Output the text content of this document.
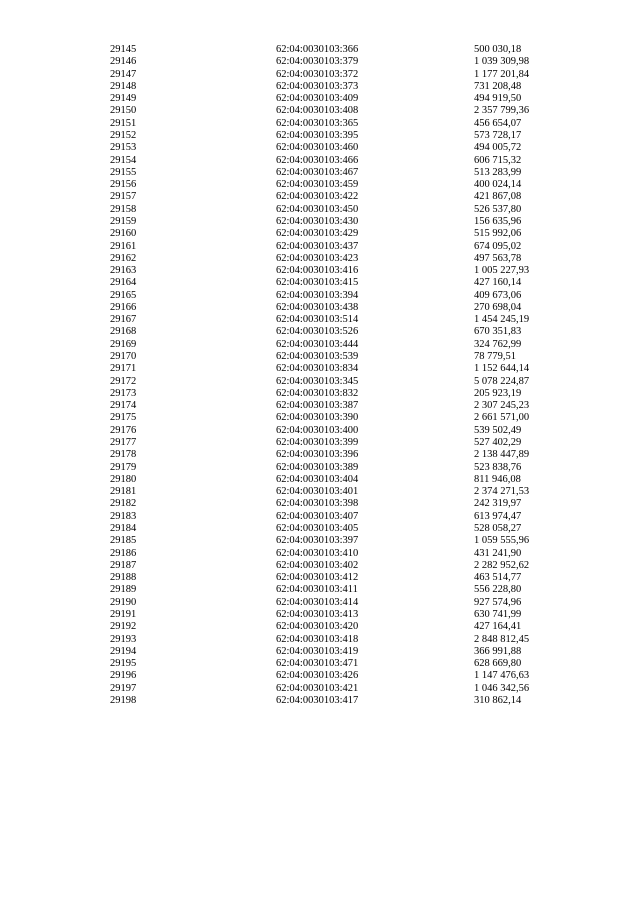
29145	62:04:0030103:366	500 030,18
29146	62:04:0030103:379	1 039 309,98
29147	62:04:0030103:372	1 177 201,84
29148	62:04:0030103:373	731 208,48
29149	62:04:0030103:409	494 919,50
29150	62:04:0030103:408	2 357 799,36
29151	62:04:0030103:365	456 654,07
29152	62:04:0030103:395	573 728,17
29153	62:04:0030103:460	494 005,72
29154	62:04:0030103:466	606 715,32
29155	62:04:0030103:467	513 283,99
29156	62:04:0030103:459	400 024,14
29157	62:04:0030103:422	421 867,08
29158	62:04:0030103:450	526 537,80
29159	62:04:0030103:430	156 635,96
29160	62:04:0030103:429	515 992,06
29161	62:04:0030103:437	674 095,02
29162	62:04:0030103:423	497 563,78
29163	62:04:0030103:416	1 005 227,93
29164	62:04:0030103:415	427 160,14
29165	62:04:0030103:394	409 673,06
29166	62:04:0030103:438	270 698,04
29167	62:04:0030103:514	1 454 245,19
29168	62:04:0030103:526	670 351,83
29169	62:04:0030103:444	324 762,99
29170	62:04:0030103:539	78 779,51
29171	62:04:0030103:834	1 152 644,14
29172	62:04:0030103:345	5 078 224,87
29173	62:04:0030103:832	205 923,19
29174	62:04:0030103:387	2 307 245,23
29175	62:04:0030103:390	2 661 571,00
29176	62:04:0030103:400	539 502,49
29177	62:04:0030103:399	527 402,29
29178	62:04:0030103:396	2 138 447,89
29179	62:04:0030103:389	523 838,76
29180	62:04:0030103:404	811 946,08
29181	62:04:0030103:401	2 374 271,53
29182	62:04:0030103:398	242 319,97
29183	62:04:0030103:407	613 974,47
29184	62:04:0030103:405	528 058,27
29185	62:04:0030103:397	1 059 555,96
29186	62:04:0030103:410	431 241,90
29187	62:04:0030103:402	2 282 952,62
29188	62:04:0030103:412	463 514,77
29189	62:04:0030103:411	556 228,80
29190	62:04:0030103:414	927 574,96
29191	62:04:0030103:413	630 741,99
29192	62:04:0030103:420	427 164,41
29193	62:04:0030103:418	2 848 812,45
29194	62:04:0030103:419	366 991,88
29195	62:04:0030103:471	628 669,80
29196	62:04:0030103:426	1 147 476,63
29197	62:04:0030103:421	1 046 342,56
29198	62:04:0030103:417	310 862,14
